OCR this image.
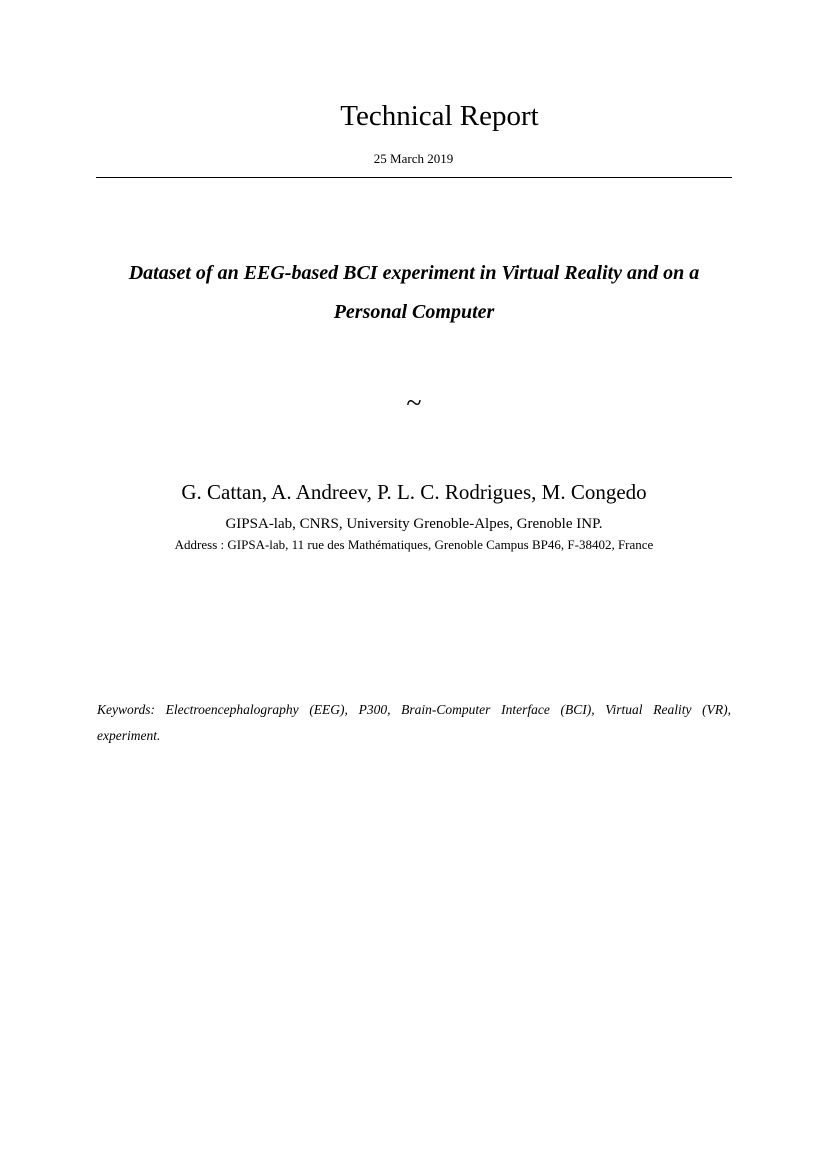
Technical Report
25 March 2019
Dataset of an EEG-based BCI experiment in Virtual Reality and on a Personal Computer
~
G. Cattan, A. Andreev, P. L. C. Rodrigues, M. Congedo
GIPSA-lab, CNRS, University Grenoble-Alpes, Grenoble INP.
Address : GIPSA-lab, 11 rue des Mathématiques, Grenoble Campus BP46, F-38402, France
Keywords: Electroencephalography (EEG), P300, Brain-Computer Interface (BCI), Virtual Reality (VR), experiment.
